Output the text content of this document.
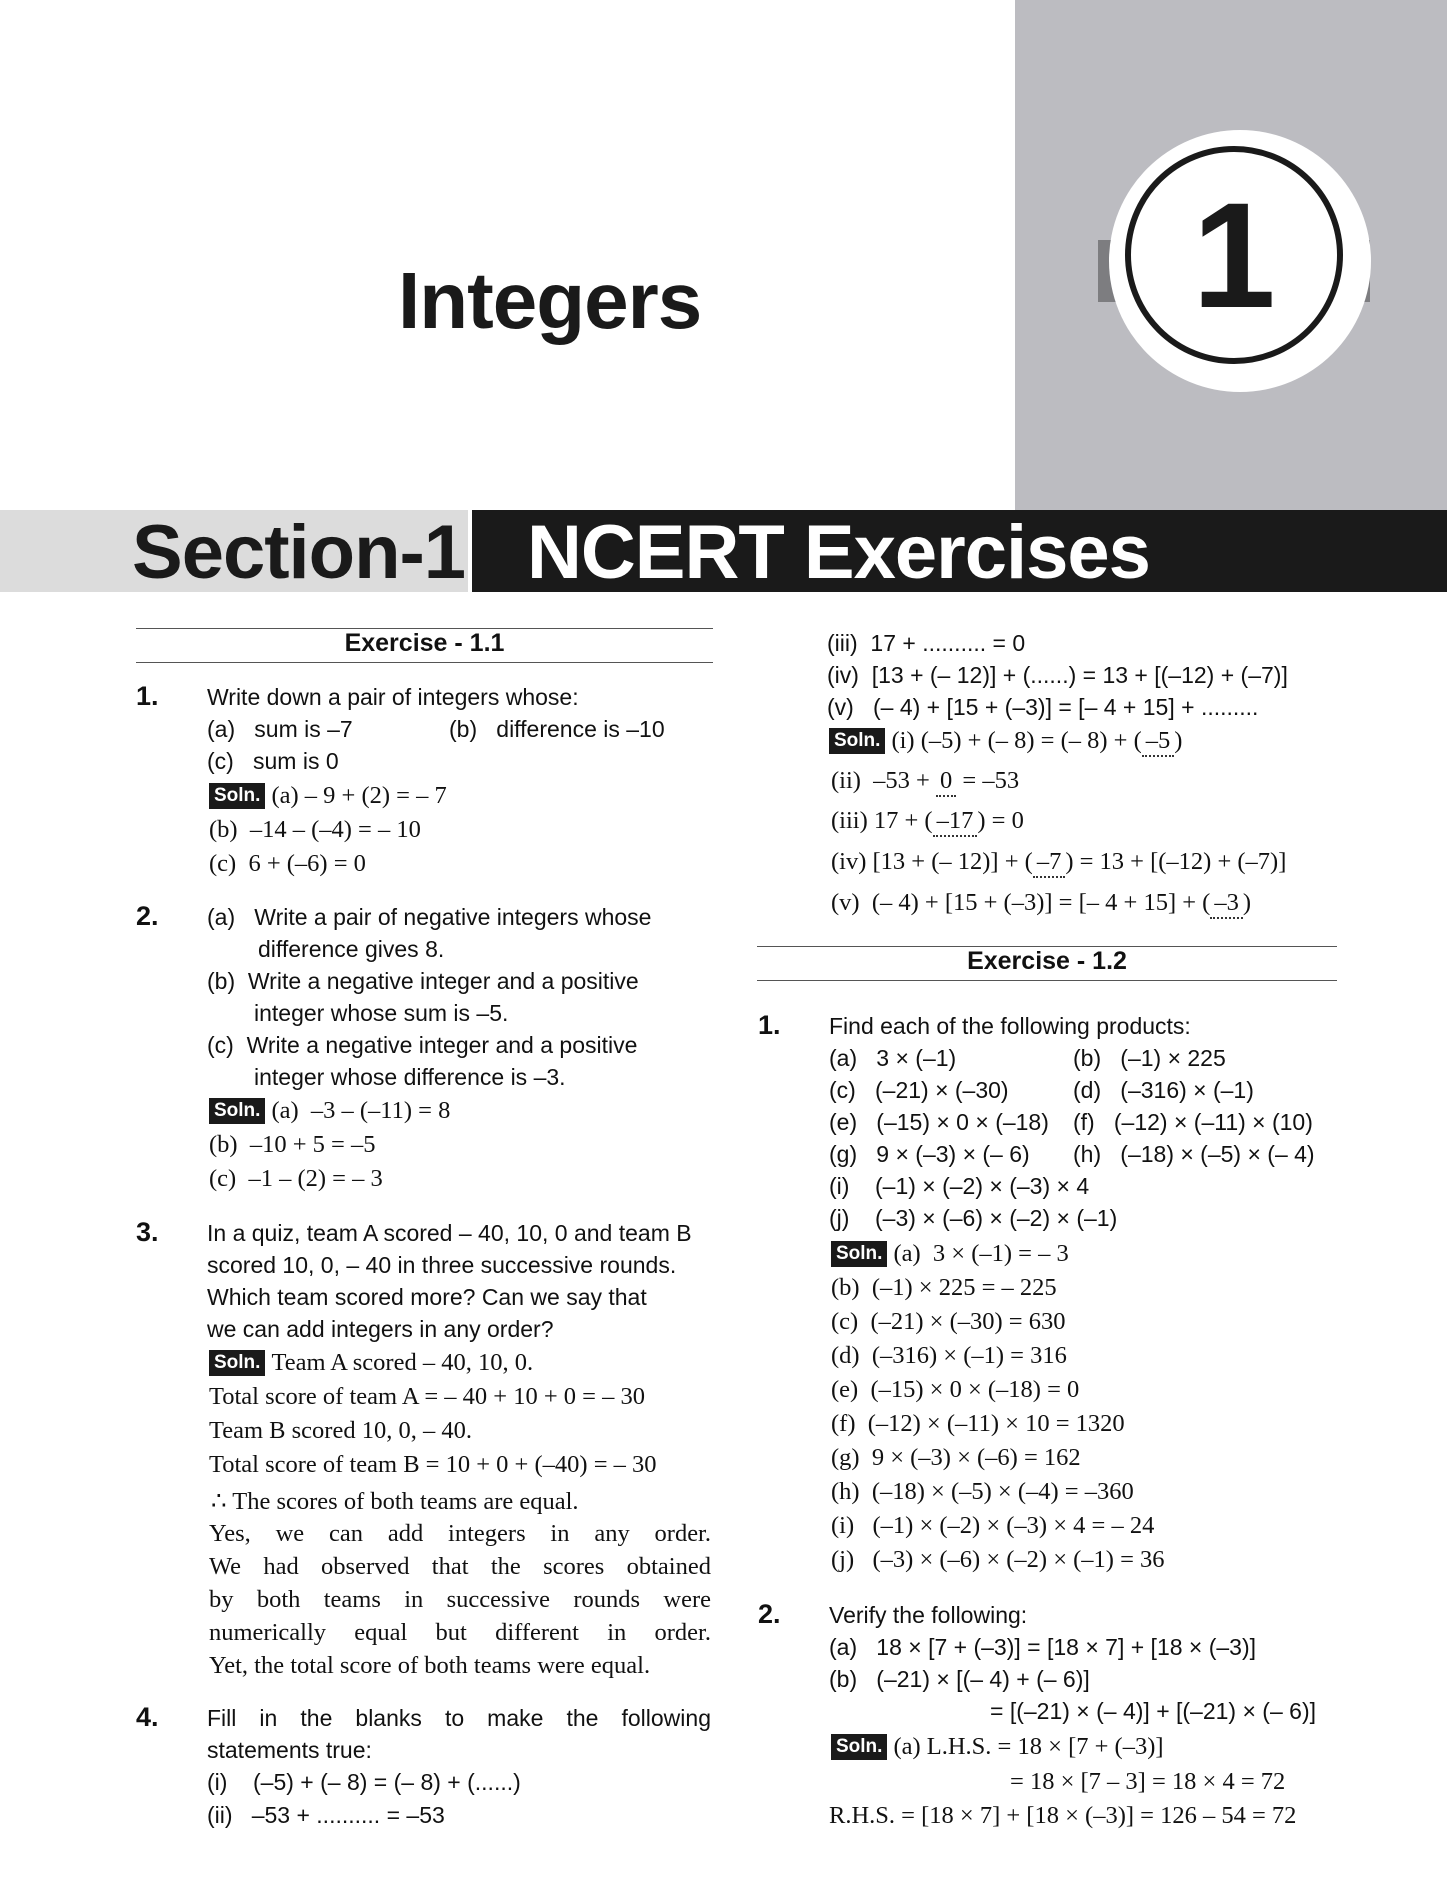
1
Integers
Section-1 NCERT Exercises
Exercise - 1.1
1. Write down a pair of integers whose:
(a)   sum is –7	(b)   difference is –10
(c)   sum is 0
Soln. (a) – 9 + (2) = – 7
(b)  –14 – (–4) = – 10
(c)  6 + (–6) = 0
2. (a)   Write a pair of negative integers whose
difference gives 8.
(b)  Write a negative integer and a positive
integer whose sum is –5.
(c)  Write a negative integer and a positive
integer whose difference is –3.
Soln. (a)  –3 – (–11) = 8
(b)  –10 + 5 = –5
(c)  –1 – (2) = – 3
3. In a quiz, team A scored – 40, 10, 0 and team B
scored 10, 0, – 40 in three successive rounds.
Which team scored more? Can we say that
we can add integers in any order?
Soln. Team A scored – 40, 10, 0.
Total score of team A = – 40 + 10 + 0 = – 30
Team B scored 10, 0, – 40.
Total score of team B = 10 + 0 + (–40) = – 30
∴ The scores of both teams are equal.
Yes, we can add integers in any order.
We had observed that the scores obtained
by both teams in successive rounds were
numerically equal but different in order.
Yet, the total score of both teams were equal.
4. Fill in the blanks to make the following
statements true:
(i)    (–5) + (– 8) = (– 8) + (......)
(ii)   –53 + .......... = –53
(iii)  17 + .......... = 0
(iv)  [13 + (– 12)] + (......) = 13 + [(–12) + (–7)]
(v)   (– 4) + [15 + (–3)] = [– 4 + 15] + .........
Soln. (i) (–5) + (– 8) = (– 8) + ( –5 )
(ii)  –53 + 0 = –53
(iii) 17 + ( –17 ) = 0
(iv) [13 + (– 12)] + ( –7 ) = 13 + [(–12) + (–7)]
(v)  (– 4) + [15 + (–3)] = [– 4 + 15] + ( –3 )
Exercise - 1.2
1. Find each of the following products:
(a)   3 × (–1)	(b)   (–1) × 225
(c)   (–21) × (–30)	(d)   (–316) × (–1)
(e)   (–15) × 0 × (–18) (f)   (–12) × (–11) × (10)
(g)   9 × (–3) × (– 6) (h)   (–18) × (–5) × (– 4)
(i)    (–1) × (–2) × (–3) × 4
(j)    (–3) × (–6) × (–2) × (–1)
Soln. (a)  3 × (–1) = – 3
(b)  (–1) × 225 = – 225
(c)  (–21) × (–30) = 630
(d)  (–316) × (–1) = 316
(e)  (–15) × 0 × (–18) = 0
(f)  (–12) × (–11) × 10 = 1320
(g)  9 × (–3) × (–6) = 162
(h)  (–18) × (–5) × (–4) = –360
(i)   (–1) × (–2) × (–3) × 4 = – 24
(j)   (–3) × (–6) × (–2) × (–1) = 36
2. Verify the following:
(a)   18 × [7 + (–3)] = [18 × 7] + [18 × (–3)]
(b)   (–21) × [(– 4) + (– 6)]
= [(–21) × (– 4)] + [(–21) × (– 6)]
Soln. (a) L.H.S. = 18 × [7 + (–3)]
= 18 × [7 – 3] = 18 × 4 = 72
R.H.S. = [18 × 7] + [18 × (–3)] = 126 – 54 = 72
